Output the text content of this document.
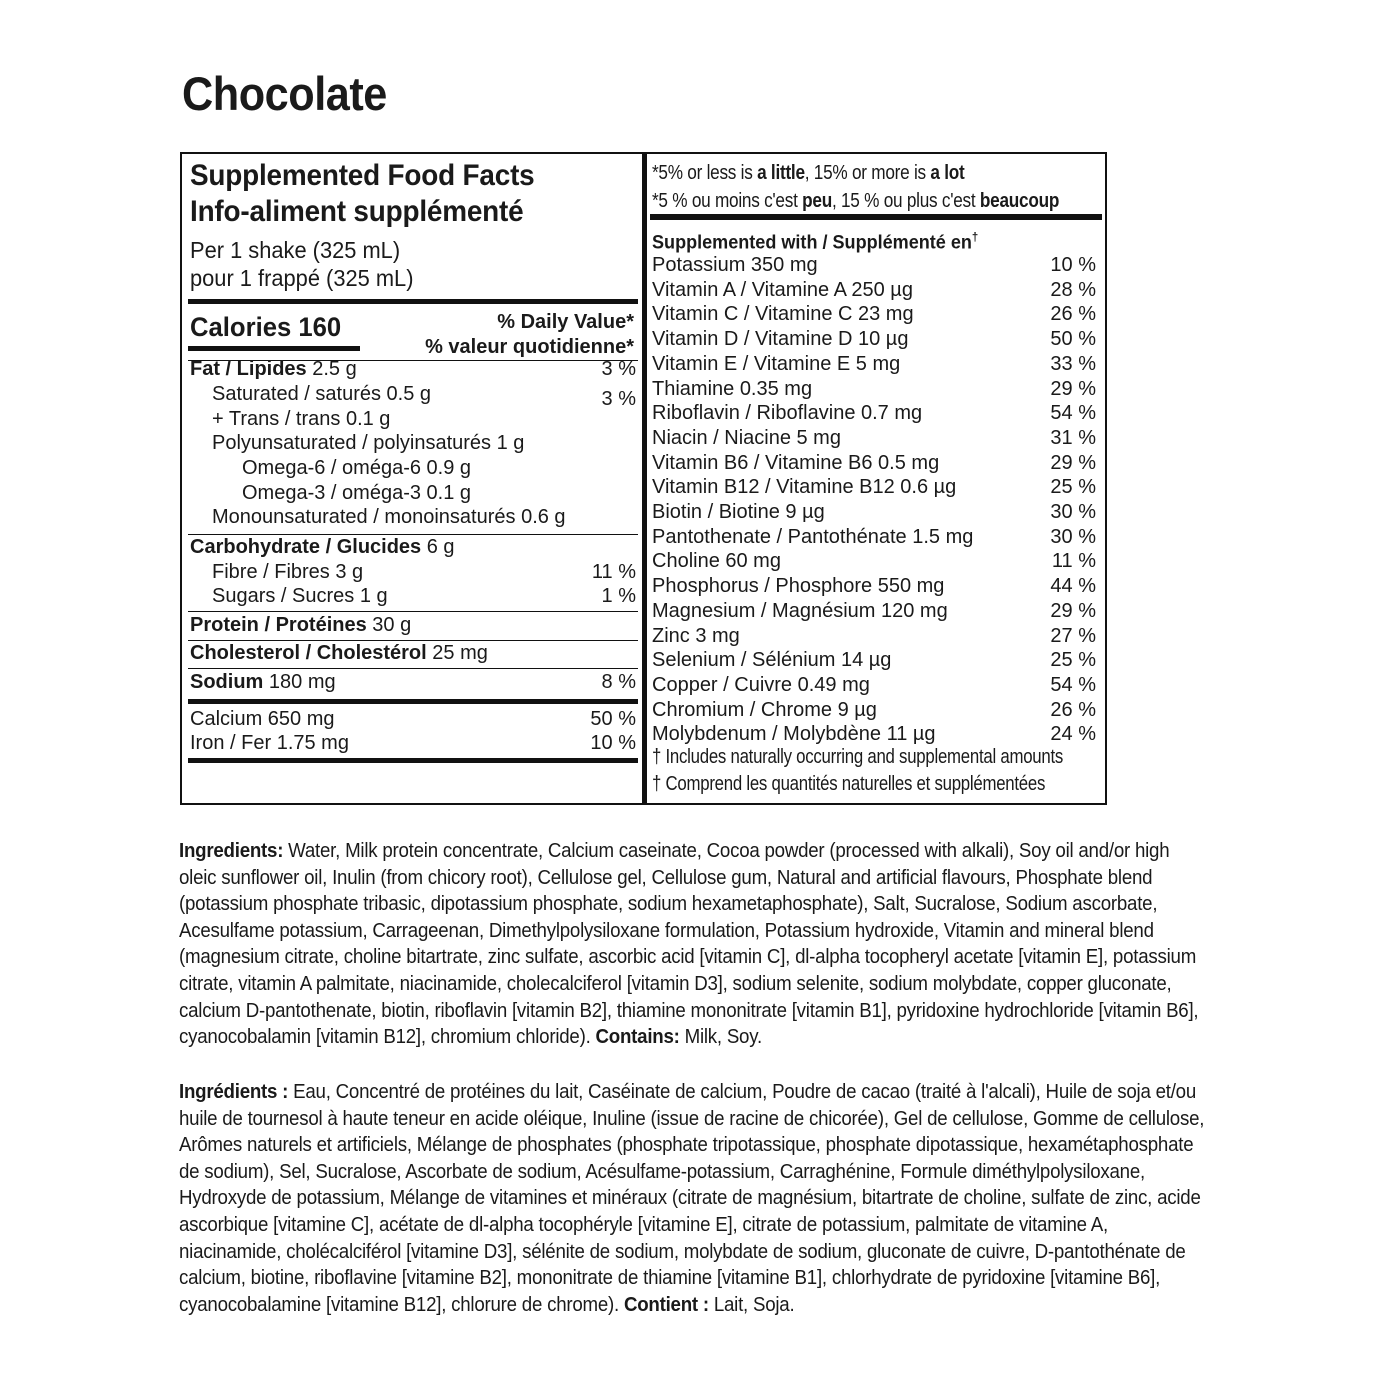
Chocolate
Supplemented Food Facts
Info-aliment supplémenté
Per 1 shake (325 mL)
pour 1 frappé (325 mL)
Calories 160	% Daily Value*
% valeur quotidienne*
Fat / Lipides 2.5 g	3 %
Saturated / saturés 0.5 g	3 %
+ Trans / trans 0.1 g
Polyunsaturated / polyinsaturés 1 g
Omega-6 / oméga-6 0.9 g
Omega-3 / oméga-3 0.1 g
Monounsaturated / monoinsaturés 0.6 g
Carbohydrate / Glucides 6 g
Fibre / Fibres 3 g	11 %
Sugars / Sucres 1 g	1 %
Protein / Protéines 30 g
Cholesterol / Cholestérol 25 mg
Sodium 180 mg	8 %
Calcium 650 mg	50 %
Iron / Fer 1.75 mg	10 %
*5% or less is a little, 15% or more is a lot
*5 % ou moins c'est peu, 15 % ou plus c'est beaucoup
Supplemented with / Supplémenté en†
Potassium 350 mg	10 %
Vitamin A / Vitamine A 250 µg	28 %
Vitamin C / Vitamine C 23 mg	26 %
Vitamin D / Vitamine D 10 µg	50 %
Vitamin E / Vitamine E 5 mg	33 %
Thiamine 0.35 mg	29 %
Riboflavin / Riboflavine 0.7 mg	54 %
Niacin / Niacine 5 mg	31 %
Vitamin B6 / Vitamine B6 0.5 mg	29 %
Vitamin B12 / Vitamine B12 0.6 µg	25 %
Biotin / Biotine 9 µg	30 %
Pantothenate / Pantothénate 1.5 mg	30 %
Choline 60 mg	11 %
Phosphorus / Phosphore 550 mg	44 %
Magnesium / Magnésium 120 mg	29 %
Zinc 3 mg	27 %
Selenium / Sélénium 14 µg	25 %
Copper / Cuivre 0.49 mg	54 %
Chromium / Chrome 9 µg	26 %
Molybdenum / Molybdène 11 µg	24 %
† Includes naturally occurring and supplemental amounts
† Comprend les quantités naturelles et supplémentées

Ingredients: Water, Milk protein concentrate, Calcium caseinate, Cocoa powder (processed with alkali), Soy oil and/or high oleic sunflower oil, Inulin (from chicory root), Cellulose gel, Cellulose gum, Natural and artificial flavours, Phosphate blend (potassium phosphate tribasic, dipotassium phosphate, sodium hexametaphosphate), Salt, Sucralose, Sodium ascorbate, Acesulfame potassium, Carrageenan, Dimethylpolysiloxane formulation, Potassium hydroxide, Vitamin and mineral blend (magnesium citrate, choline bitartrate, zinc sulfate, ascorbic acid [vitamin C], dl-alpha tocopheryl acetate [vitamin E], potassium citrate, vitamin A palmitate, niacinamide, cholecalciferol [vitamin D3], sodium selenite, sodium molybdate, copper gluconate, calcium D-pantothenate, biotin, riboflavin [vitamin B2], thiamine mononitrate [vitamin B1], pyridoxine hydrochloride [vitamin B6], cyanocobalamin [vitamin B12], chromium chloride). Contains: Milk, Soy.

Ingrédients : Eau, Concentré de protéines du lait, Caséinate de calcium, Poudre de cacao (traité à l'alcali), Huile de soja et/ou huile de tournesol à haute teneur en acide oléique, Inuline (issue de racine de chicorée), Gel de cellulose, Gomme de cellulose, Arômes naturels et artificiels, Mélange de phosphates (phosphate tripotassique, phosphate dipotassique, hexamétaphosphate de sodium), Sel, Sucralose, Ascorbate de sodium, Acésulfame-potassium, Carraghénine, Formule diméthylpolysiloxane, Hydroxyde de potassium, Mélange de vitamines et minéraux (citrate de magnésium, bitartrate de choline, sulfate de zinc, acide ascorbique [vitamine C], acétate de dl-alpha tocophéryle [vitamine E], citrate de potassium, palmitate de vitamine A, niacinamide, cholécalciférol [vitamine D3], sélénite de sodium, molybdate de sodium, gluconate de cuivre, D-pantothénate de calcium, biotine, riboflavine [vitamine B2], mononitrate de thiamine [vitamine B1], chlorhydrate de pyridoxine [vitamine B6], cyanocobalamine [vitamine B12], chlorure de chrome). Contient : Lait, Soja.
